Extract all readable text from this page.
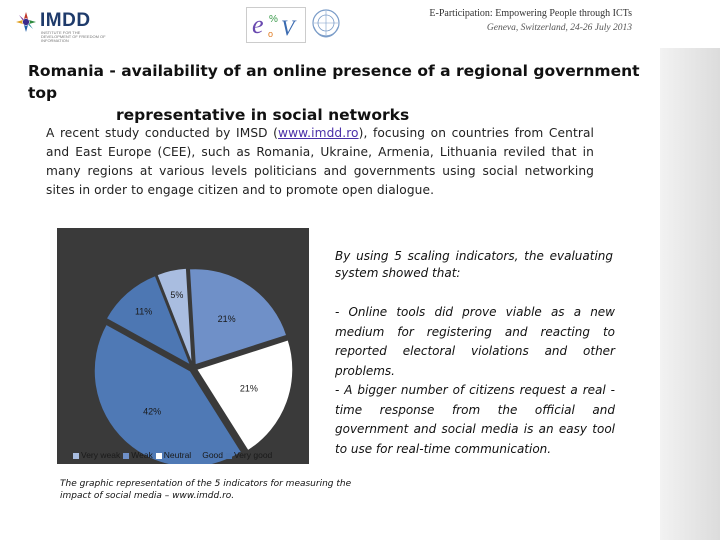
IMDD
INSTITUTE FOR THE DEVELOPMENT OF FREEDOM OF INFORMATION
e % V
o
E-Participation: Empowering People through ICTs
Geneva, Switzerland, 24-26 July 2013
Romania - availability of an online presence of a regional government top
representative in social networks
A recent study conducted by IMSD (www.imdd.ro), focusing on countries from Central and East Europe (CEE), such as Romania, Ukraine, Armenia, Lithuania reviled that in many regions at various levels politicians and governments using social networking sites in order to engage citizen and to promote open dialogue.
5%
21%
21%
42%
11%
Very weak Weak Neutral Good Very good
The graphic representation of the 5 indicators for measuring the impact of social media – www.imdd.ro.
By using 5 scaling indicators, the evaluating system showed that:
- Online tools did prove viable as a new medium for registering and reacting to reported electoral violations and other problems.
- A bigger number of citizens request a real -time response from the official and government and social media is an easy tool to use for real-time communication.
